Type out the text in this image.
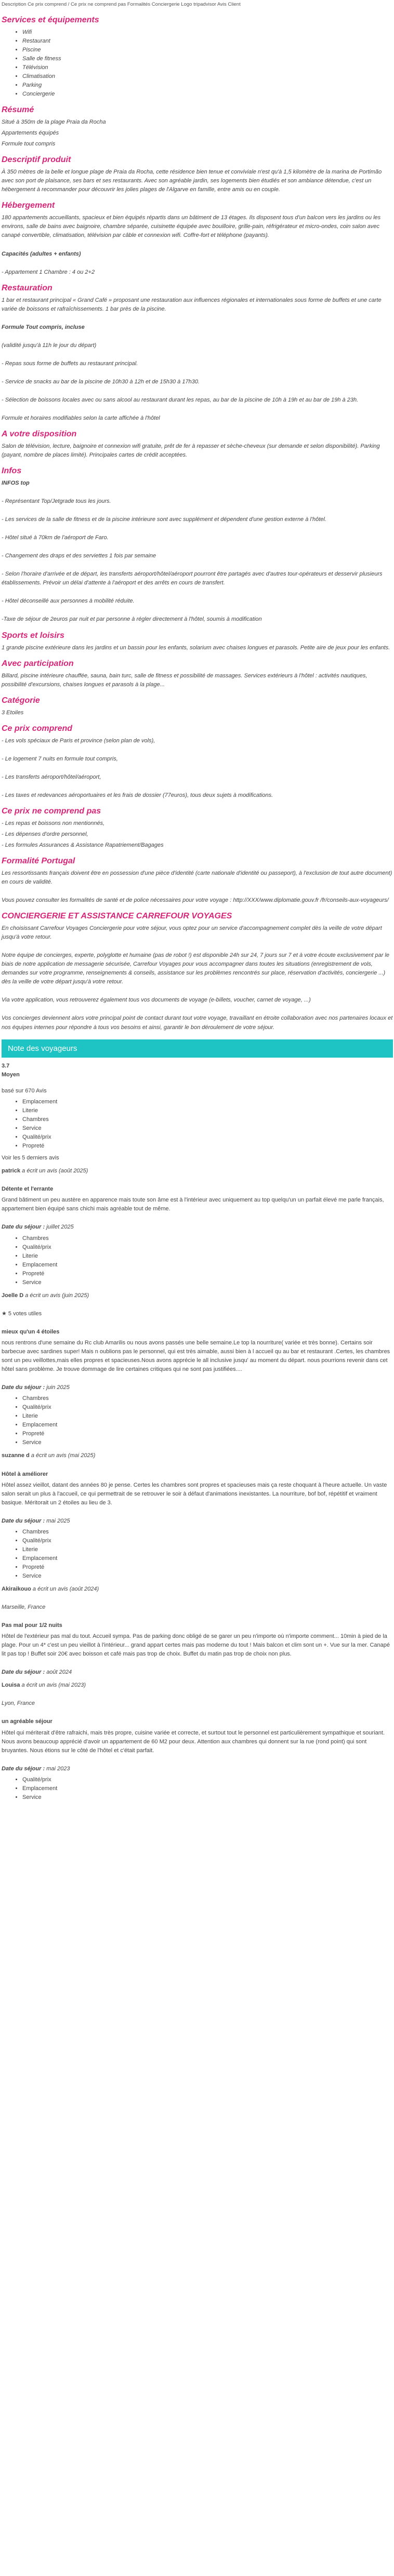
Description Ce prix comprend / Ce prix ne comprend pas Formalités Conciergerie Logo tripadvisor Avis Client
Services et équipements
• Wifi
• Restaurant
• Piscine
• Salle de fitness
• Télévision
• Climatisation
• Parking
• Conciergerie
Résumé

Situé à 350m de la plage Praia da Rocha

Appartements équipés

Formule tout compris

Descriptif produit

À 350 mètres de la belle et longue plage de Praia da Rocha, cette résidence bien tenue et conviviale n'est qu'à 1,5 kilomètre de la marina de Portimão avec son port de plaisance, ses bars et ses restaurants. Avec son agréable jardin, ses logements bien étudiés et son ambiance détendue, c'est un hébergement à recommander pour découvrir les jolies plages de l'Algarve en famille, entre amis ou en couple.

Hébergement

180 appartements accueillants, spacieux et bien équipés répartis dans un bâtiment de 13 étages. Ils disposent tous d'un balcon vers les jardins ou les environs, salle de bains avec baignoire, chambre séparée, cuisinette équipée avec bouilloire, grille-pain, réfrigérateur et micro-ondes, coin salon avec canapé convertible, climatisation, télévision par câble et connexion wifi. Coffre-fort et téléphone (payants).

Capacités (adultes + enfants)

- Appartement 1 Chambre : 4 ou 2+2

Restauration

1 bar et restaurant principal « Grand Café » proposant une restauration aux influences régionales et internationales sous forme de buffets et une carte variée de boissons et rafraîchissements. 1 bar près de la piscine.

Formule Tout compris, incluse

(validité jusqu'à 11h le jour du départ)

- Repas sous forme de buffets au restaurant principal.

- Service de snacks au bar de la piscine de 10h30 à 12h et de 15h30 à 17h30.

- Sélection de boissons locales avec ou sans alcool au restaurant durant les repas, au bar de la piscine de 10h à 19h et au bar de 19h à 23h.

Formule et horaires modifiables selon la carte affichée à l'hôtel

A votre disposition

Salon de télévision, lecture, baignoire et connexion wifi gratuite, prêt de fer à repasser et sèche-cheveux (sur demande et selon disponibilité). Parking (payant, nombre de places limité). Principales cartes de crédit acceptées.

Infos

INFOS top

- Représentant Top/Jetgrade tous les jours.

- Les services de la salle de fitness et de la piscine intérieure sont avec supplément et dépendent d'une gestion externe à l'hôtel.

- Hôtel situé à 70km de l'aéroport de Faro.

- Changement des draps et des serviettes 1 fois par semaine

- Selon l'horaire d'arrivée et de départ, les transferts aéroport/hôtel/aéroport pourront être partagés avec d'autres tour-opérateurs et desservir plusieurs établissements. Prévoir un délai d'attente à l'aéroport et des arrêts en cours de transfert.

- Hôtel déconseillé aux personnes à mobilité réduite.

-Taxe de séjour de 2euros par nuit et par personne à régler directement à l'hôtel, soumis à modification

Sports et loisirs

1 grande piscine extérieure dans les jardins et un bassin pour les enfants, solarium avec chaises longues et parasols. Petite aire de jeux pour les enfants.

Avec participation

Billard, piscine intérieure chauffée, sauna, bain turc, salle de fitness et possibilité de massages. Services extérieurs à l'hôtel : activités nautiques, possibilité d'excursions, chaises longues et parasols à la plage...

Catégorie

3 Etoiles

Ce prix comprend

- Les vols spéciaux de Paris et province (selon plan de vols),

- Le logement 7 nuits en formule tout compris,

- Les transferts aéroport/hôtel/aéroport,

- Les taxes et redevances aéroportuaires et les frais de dossier (77euros), tous deux sujets à modifications.

Ce prix ne comprend pas

- Les repas et boissons non mentionnés,

- Les dépenses d'ordre personnel,

- Les formules Assurances & Assistance Rapatriement/Bagages

Formalité Portugal

Les ressortissants français doivent être en possession d'une pièce d'identité (carte nationale d'identité ou passeport), à l'exclusion de tout autre document) en cours de validité.

Vous pouvez consulter les formalités de santé et de police nécessaires pour votre voyage : http://XXX/www.diplomatie.gouv.fr /fr/conseils-aux-voyageurs/

CONCIERGERIE ET ASSISTANCE CARREFOUR VOYAGES

En choisissant Carrefour Voyages Conciergerie pour votre séjour, vous optez pour un service d'accompagnement complet dès la veille de votre départ jusqu'à votre retour.

Notre équipe de concierges, experte, polyglotte et humaine (pas de robot !) est disponible 24h sur 24, 7 jours sur 7 et à votre écoute exclusivement par le biais de notre application de messagerie sécurisée, Carrefour Voyages pour vous accompagner dans toutes les situations (enregistrement de vols, demandes sur votre programme, renseignements & conseils, assistance sur les problèmes rencontrés sur place, réservation d'activités, conciergerie ...) dès la veille de votre départ jusqu'à votre retour.

Via votre application, vous retrouverez également tous vos documents de voyage (e-billets, voucher, carnet de voyage, ...)

Vos concierges deviennent alors votre principal point de contact durant tout votre voyage, travaillant en étroite collaboration avec nos partenaires locaux et nos équipes internes pour répondre à tous vos besoins et ainsi, garantir le bon déroulement de votre séjour.

Note des voyageurs
3.7
Moyen

basé sur 670 Avis

• Emplacement
• Literie
• Chambres
• Service
• Qualité/prix
• Propreté

Voir les 5 derniers avis

patrick a écrit un avis (août 2025)

Détente et l'errante

Grand bâtiment un peu austère en apparence mais toute son âme est à l'intérieur avec uniquement au top quelqu'un un parfait élevé me parle français, appartement bien équipé sans chichi mais agréable tout de même.

Date du séjour : juillet 2025

• Chambres
• Qualité/prix
• Literie
• Emplacement
• Propreté
• Service

Joelle D a écrit un avis (juin 2025)

★ 5 votes utiles

mieux qu'un 4 étoiles

nous rentrons d'une semaine du Rc club Amarilis ou nous avons passés une belle semaine.Le top la nourriture( variée et très bonne). Certains soir barbecue avec sardines super! Mais n oublions pas le personnel, qui est très aimable, aussi bien à l accueil qu au bar et restaurant .Certes, les chambres sont un peu veillottes,mais elles propres et spacieuses.Nous avons apprécie le all inclusive jusqu' au moment du départ. nous pourrions revenir dans cet hôtel sans problème. Je trouve dommage de lire certaines critiques qui ne sont pas justifiées....

Date du séjour : juin 2025

• Chambres
• Qualité/prix
• Literie
• Emplacement
• Propreté
• Service

suzanne d a écrit un avis (mai 2025)

Hôtel à améliorer

Hôtel assez vieillot, datant des années 80 je pense. Certes les chambres sont propres et spacieuses mais ça reste choquant à l'heure actuelle. Un vaste salon serait un plus à l'accueil, ce qui permettrait de se retrouver le soir à défaut d'animations inexistantes. La nourriture, bof bof, répétitif et vraiment basique. Méritorait un 2 étoiles au lieu de 3.

Date du séjour : mai 2025

• Chambres
• Qualité/prix
• Literie
• Emplacement
• Propreté
• Service

Akiraikouo a écrit un avis (août 2024)

Marseille, France

Pas mal pour 1/2 nuits

Hôtel de l'extérieur pas mal du tout. Accueil sympa. Pas de parking donc obligé de se garer un peu n'importe où n'importe comment... 10min à pied de la plage. Pour un 4* c'est un peu vieillot à l'intérieur... grand appart certes mais pas moderne du tout ! Mais balcon et clim sont un +. Vue sur la mer. Canapé lit pas top ! Buffet soir 20€ avec boisson et café mais pas trop de choix. Buffet du matin pas trop de choix non plus.

Date du séjour : août 2024

Louisa a écrit un avis (mai 2023)

Lyon, France

un agréable séjour

Hôtel qui mériterait d'être rafraichi, mais très propre, cuisine variée et correcte, et surtout tout le personnel est particulièrement sympathique et souriant. Nous avons beaucoup apprécié d'avoir un appartement de 60 M2 pour deux. Attention aux chambres qui donnent sur la rue (rond point) qui sont bruyantes. Nous étions sur le côté de l'hôtel et c'était parfait.

Date du séjour : mai 2023

• Qualité/prix
• Emplacement
• Service
